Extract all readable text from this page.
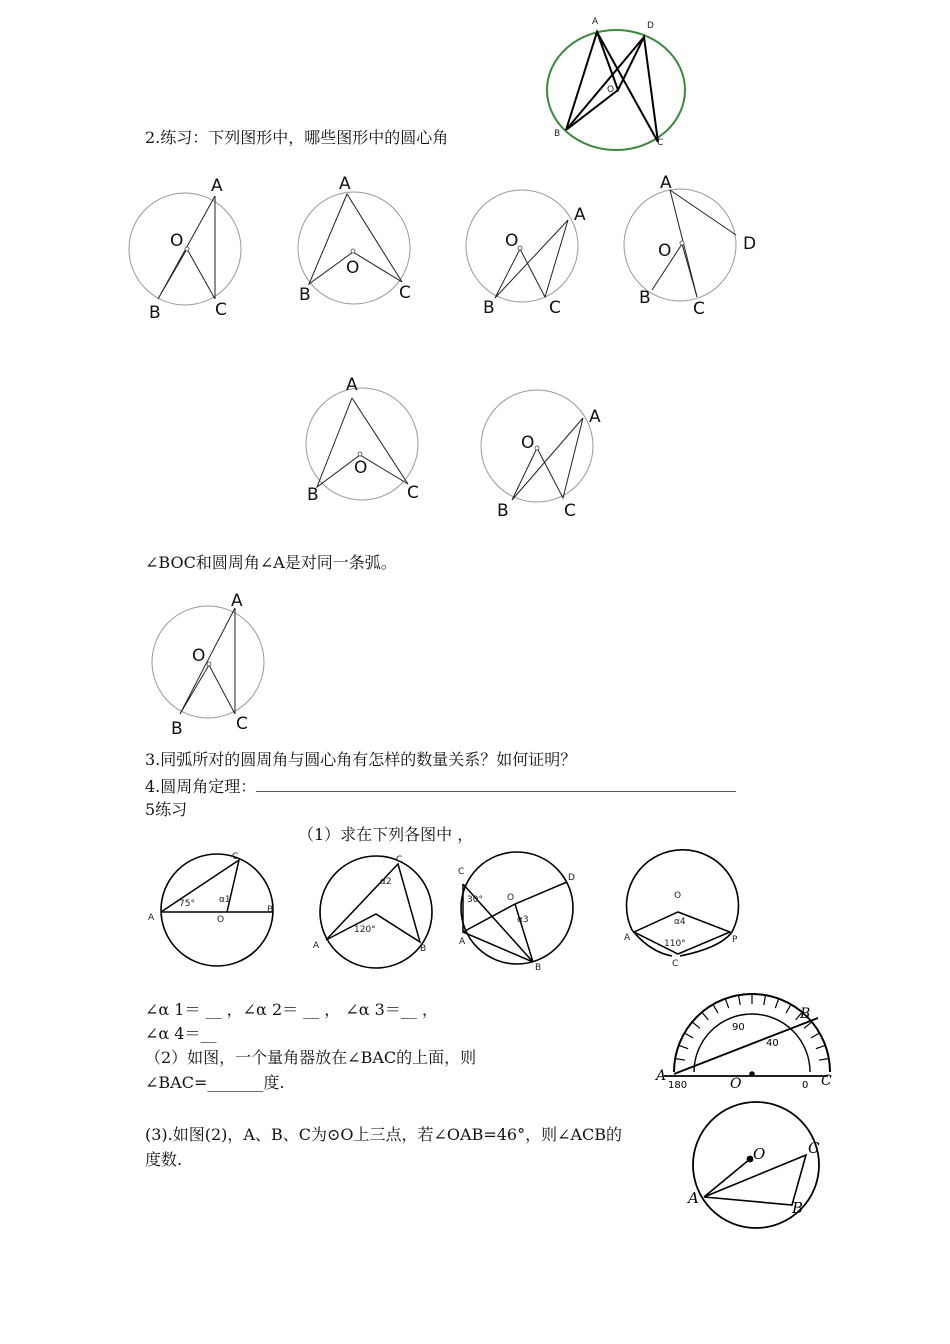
A	D
O
B
C
2.练习：下列图形中，哪些图形中的圆心角
A
O
B	C
A
O
B	C
A
O
B	C
A
O	D
B
C
A
O
B	C
A
O
B	C
∠BOC和圆周角∠A是对同一条弧。
A
O
B	C
3.同弧所对的圆周角与圆心角有怎样的数量关系？如何证明？
4.圆周角定理：
5练习
（1）求在下列各图中 ，
C
A	O
B
75°	α1
C
A	B
120°
α2
C
D
O
A
B
30°
α3
O
A	P
C
110°
α4
∠α 1＝ __ ，∠α 2＝ __ ， ∠α 3＝__ ，
∠α 4＝__
（2）如图，一个量角器放在∠BAC的上面，则
∠BAC=_______度.
B
A	O	C
180
90
40
0
(3).如图(2)，A、B、C为⊙O上三点，若∠OAB=46°，则∠ACB的
度数.	O	C
A
B
